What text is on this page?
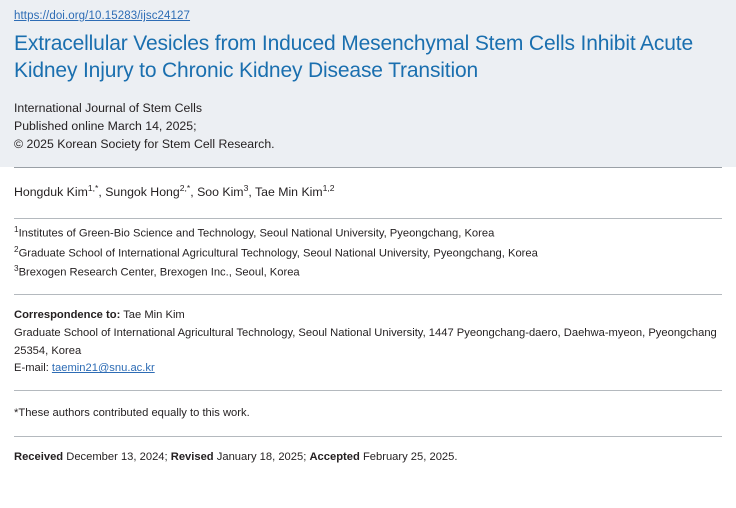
https://doi.org/10.15283/ijsc24127
Extracellular Vesicles from Induced Mesenchymal Stem Cells Inhibit Acute Kidney Injury to Chronic Kidney Disease Transition
International Journal of Stem Cells
Published online March 14, 2025;
© 2025 Korean Society for Stem Cell Research.
Hongduk Kim$^{1,*}$, Sungok Hong$^{2,*}$, Soo Kim$^3$, Tae Min Kim$^{1,2}$
$^1$Institutes of Green-Bio Science and Technology, Seoul National University, Pyeongchang, Korea
$^2$Graduate School of International Agricultural Technology, Seoul National University, Pyeongchang, Korea
$^3$Brexogen Research Center, Brexogen Inc., Seoul, Korea
Correspondence to: Tae Min Kim
Graduate School of International Agricultural Technology, Seoul National University, 1447 Pyeongchang-daero, Daehwa-myeon, Pyeongchang 25354, Korea
E-mail: taemin21@snu.ac.kr
*These authors contributed equally to this work.
Received December 13, 2024; Revised January 18, 2025; Accepted February 25, 2025.
